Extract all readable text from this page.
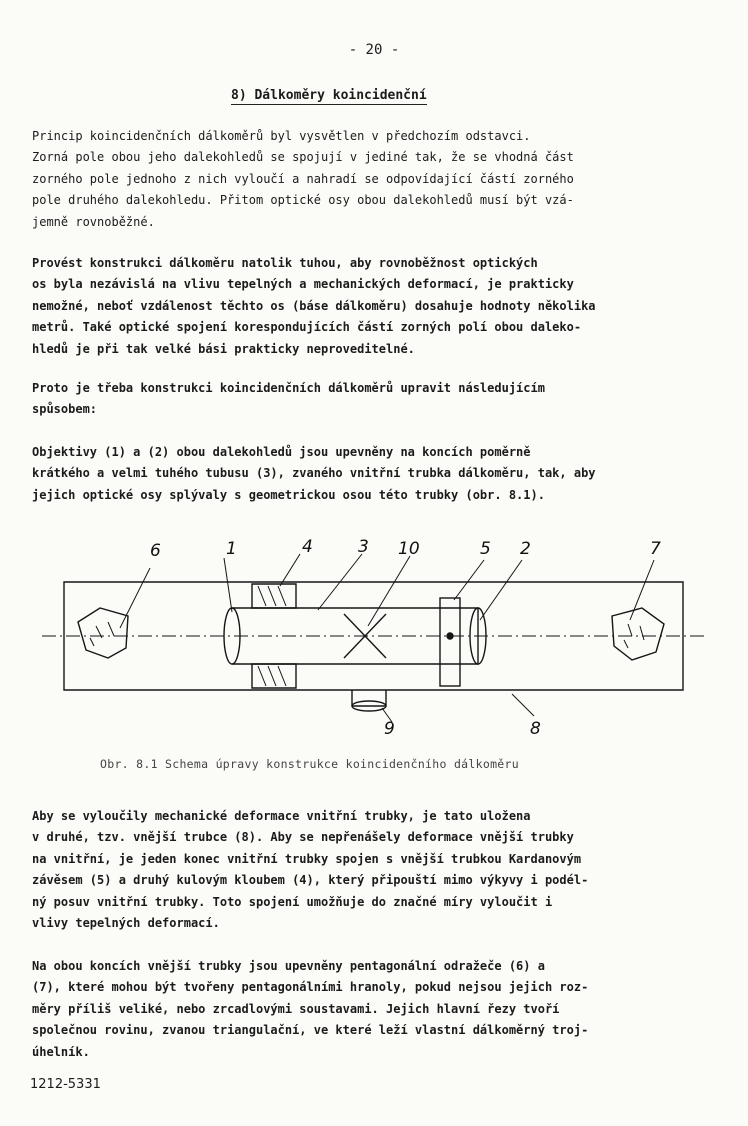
- 20 -
8) Dálkoměry koincidenční

Princip koincidenčních dálkoměrů byl vysvětlen v předchozím odstavci.
Zorná pole obou jeho dalekohledů se spojují v jediné tak, že se vhodná část
zorného pole jednoho z nich vyloučí a nahradí se odpovídající částí zorného
pole druhého dalekohledu. Přitom optické osy obou dalekohledů musí být vzá-
jemně rovnoběžné.

Provést konstrukci dálkoměru natolik tuhou, aby rovnoběžnost optických
os byla nezávislá na vlivu tepelných a mechanických deformací, je prakticky
nemožné, neboť vzdálenost těchto os (báse dálkoměru) dosahuje hodnoty několika
metrů. Také optické spojení korespondujících částí zorných polí obou daleko-
hledů je při tak velké bási prakticky neproveditelné.

Proto je třeba konstrukci koincidenčních dálkoměrů upravit následujícím
spůsobem:

Objektivy (1) a (2) obou dalekohledů jsou upevněny na koncích poměrně
krátkého a velmi tuhého tubusu (3), zvaného vnitřní trubka dálkoměru, tak, aby
jejich optické osy splývaly s geometrickou osou této trubky (obr. 8.1).

6	1	4	3 10	5 2	7
9	8
Obr. 8.1 Schema úpravy konstrukce koincidenčního dálkoměru

Aby se vyloučily mechanické deformace vnitřní trubky, je tato uložena
v druhé, tzv. vnější trubce (8). Aby se nepřenášely deformace vnější trubky
na vnitřní, je jeden konec vnitřní trubky spojen s vnější trubkou Kardanovým
závěsem (5) a druhý kulovým kloubem (4), který připouští mimo výkyvy i podél-
ný posuv vnitřní trubky. Toto spojení umožňuje do značné míry vyloučit i
vlivy tepelných deformací.

Na obou koncích vnější trubky jsou upevněny pentagonální odražeče (6) a
(7), které mohou být tvořeny pentagonálními hranoly, pokud nejsou jejich roz-
měry příliš veliké, nebo zrcadlovými soustavami. Jejich hlavní řezy tvoří
společnou rovinu, zvanou triangulační, ve které leží vlastní dálkoměrný troj-
úhelník.

1212-5331
